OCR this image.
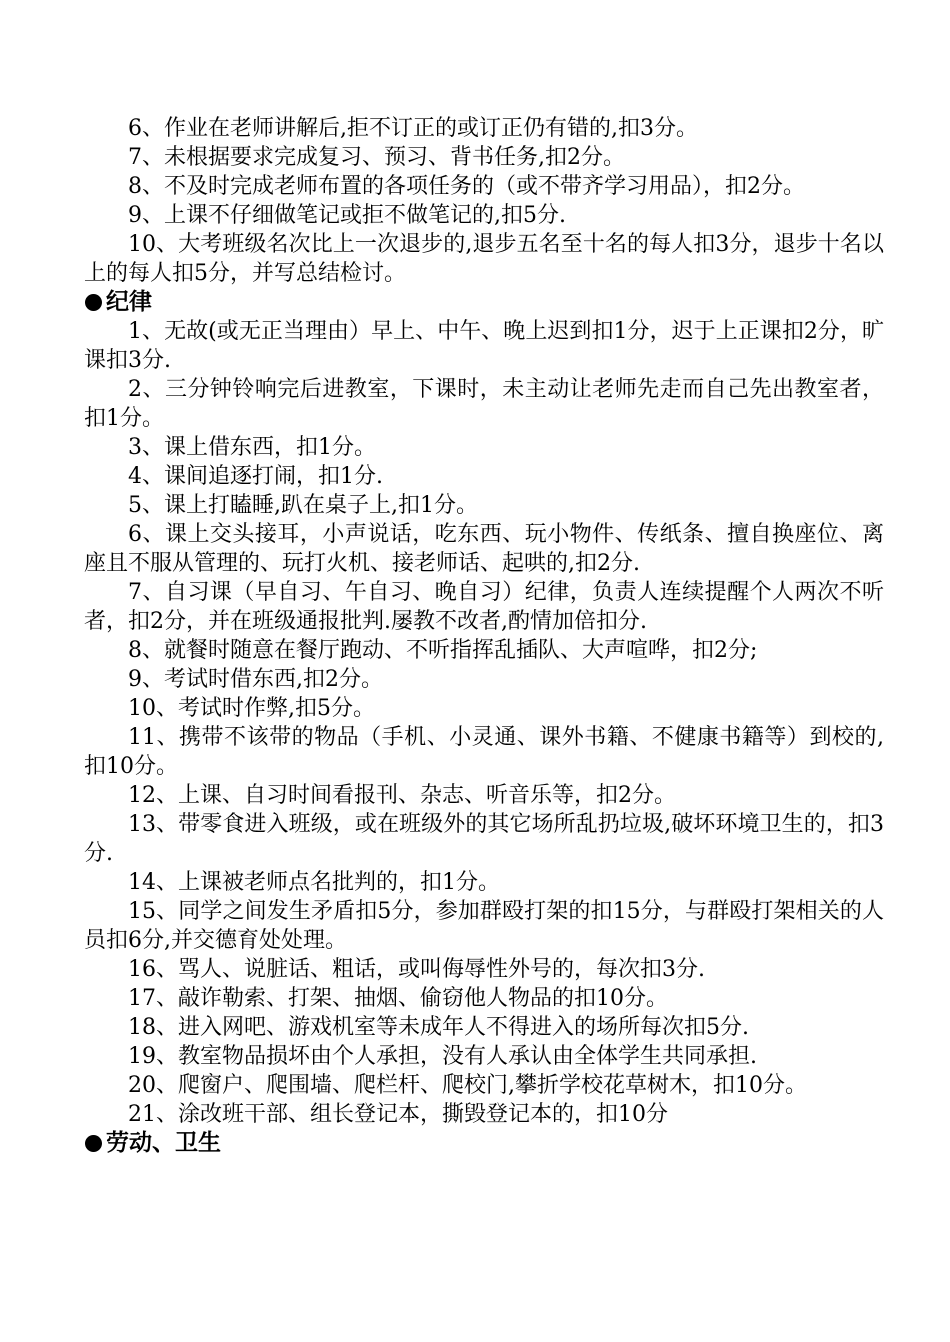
6、作业在老师讲解后,拒不订正的或订正仍有错的,扣3分。

7、未根据要求完成复习、预习、背书任务,扣2分。

8、不及时完成老师布置的各项任务的（或不带齐学习用品），扣2分。

9、上课不仔细做笔记或拒不做笔记的,扣5分.

10、大考班级名次比上一次退步的,退步五名至十名的每人扣3分，退步十名以上的每人扣5分，并写总结检讨。

纪律

1、无故(或无正当理由）早上、中午、晚上迟到扣1分，迟于上正课扣2分，旷课扣3分.

2、三分钟铃响完后进教室，下课时，未主动让老师先走而自己先出教室者，扣1分。

3、课上借东西，扣1分。

4、课间追逐打闹，扣1分.

5、课上打瞌睡,趴在桌子上,扣1分。

6、课上交头接耳，小声说话，吃东西、玩小物件、传纸条、擅自换座位、离座且不服从管理的、玩打火机、接老师话、起哄的,扣2分.

7、自习课（早自习、午自习、晚自习）纪律，负责人连续提醒个人两次不听者，扣2分，并在班级通报批判.屡教不改者,酌情加倍扣分.

8、就餐时随意在餐厅跑动、不听指挥乱插队、大声喧哗，扣2分;

9、考试时借东西,扣2分。

10、考试时作弊,扣5分。

11、携带不该带的物品（手机、小灵通、课外书籍、不健康书籍等）到校的,扣10分。

12、上课、自习时间看报刊、杂志、听音乐等，扣2分。

13、带零食进入班级，或在班级外的其它场所乱扔垃圾,破坏环境卫生的，扣3分.

14、上课被老师点名批判的，扣1分。

15、同学之间发生矛盾扣5分，参加群殴打架的扣15分，与群殴打架相关的人员扣6分,并交德育处处理。

16、骂人、说脏话、粗话，或叫侮辱性外号的，每次扣3分.

17、敲诈勒索、打架、抽烟、偷窃他人物品的扣10分。

18、进入网吧、游戏机室等未成年人不得进入的场所每次扣5分.

19、教室物品损坏由个人承担，没有人承认由全体学生共同承担.

20、爬窗户、爬围墙、爬栏杆、爬校门,攀折学校花草树木，扣10分。

21、涂改班干部、组长登记本，撕毁登记本的，扣10分

劳动、卫生
